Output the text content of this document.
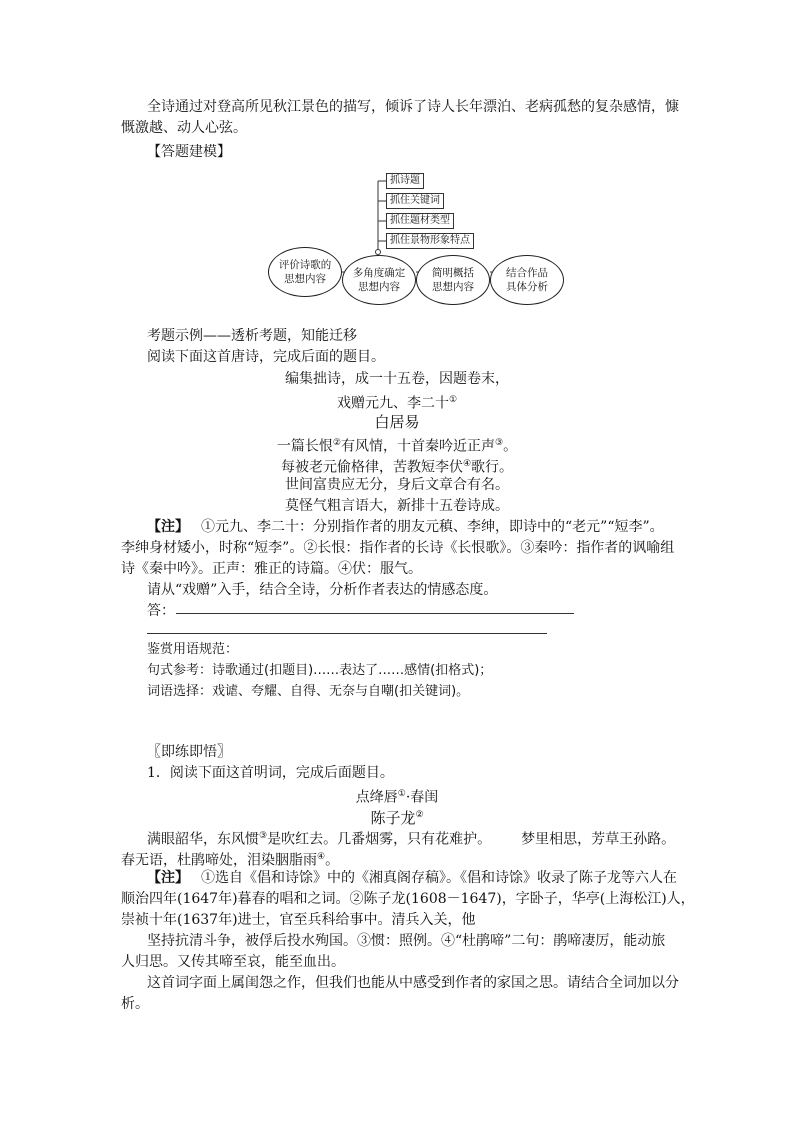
全诗通过对登高所见秋江景色的描写，倾诉了诗人长年漂泊、老病孤愁的复杂感情，慷
慨激越、动人心弦。
【答题建模】
抓诗题
抓住关键词
抓住题材类型
抓住景物形象特点
评价诗歌的
思想内容	多角度确定
思想内容
简明概括
思想内容
结合作品
具体分析
考题示例——透析考题，知能迁移
阅读下面这首唐诗，完成后面的题目。
编集拙诗，成一十五卷，因题卷末，
戏赠元九、李二十①
白居易
一篇长恨②有风情，十首秦吟近正声③。
每被老元偷格律，苦教短李伏④歌行。
世间富贵应无分，身后文章合有名。
莫怪气粗言语大，新排十五卷诗成。
【注】 ①元九、李二十：分别指作者的朋友元稹、李绅，即诗中的“老元”“短李”。
李绅身材矮小，时称“短李”。②长恨：指作者的长诗《长恨歌》。③秦吟：指作者的讽喻组
诗《秦中吟》。正声：雅正的诗篇。④伏：服气。
请从“戏赠”入手，结合全诗，分析作者表达的情感态度。
答：
鉴赏用语规范：
句式参考：诗歌通过(扣题目)……表达了……感情(扣格式)；
词语选择：戏谑、夸耀、自得、无奈与自嘲(扣关键词)。
〖即练即悟〗
1．阅读下面这首明词，完成后面题目。
点绛唇①·春闺
陈子龙②
满眼韶华，东风惯③是吹红去。几番烟雾，只有花难护。 梦里相思，芳草王孙路。
春无语，杜鹃啼处，泪染胭脂雨④。
【注】 ①选自《倡和诗馀》中的《湘真阁存稿》。《倡和诗馀》收录了陈子龙等六人在
顺治四年(1647年)暮春的唱和之词。②陈子龙(1608－1647)，字卧子，华亭(上海松江)人，
崇祯十年(1637年)进士，官至兵科给事中。清兵入关，他
坚持抗清斗争，被俘后投水殉国。③惯：照例。④“杜鹃啼”二句：鹃啼凄厉，能动旅
人归思。又传其啼至哀，能至血出。
这首词字面上属闺怨之作，但我们也能从中感受到作者的家国之思。请结合全词加以分
析。
